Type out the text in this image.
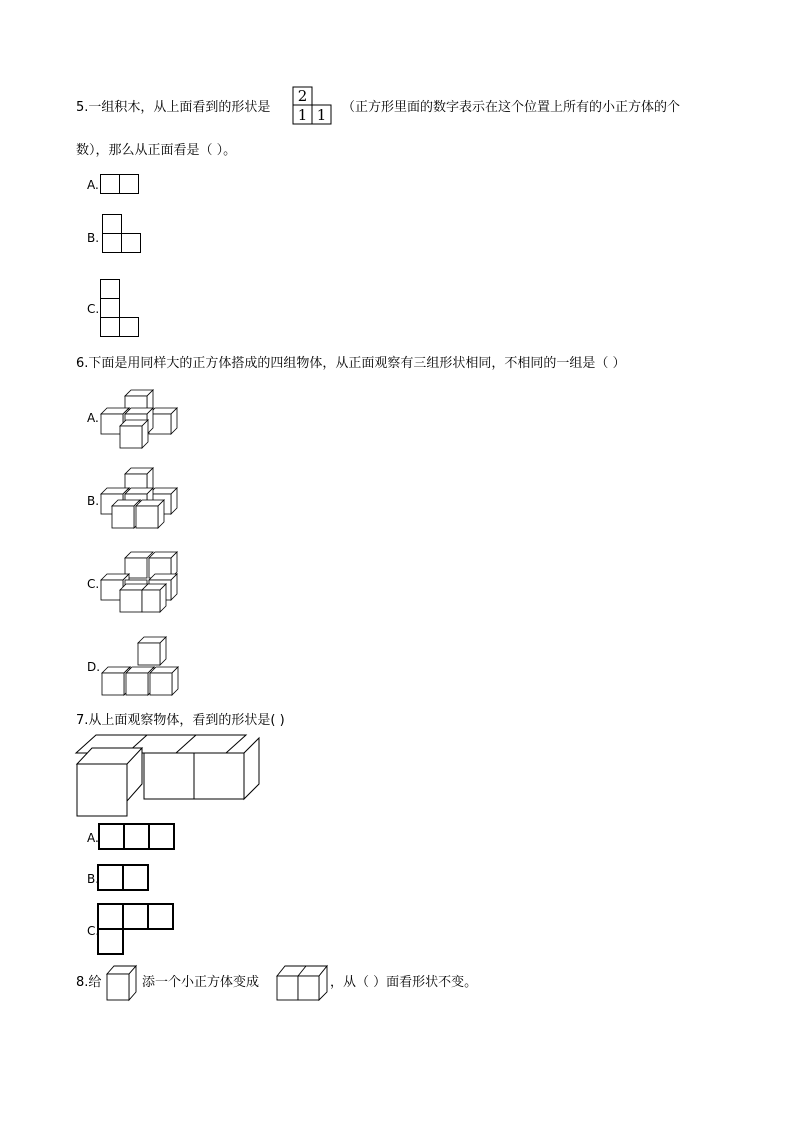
5.一组积木，从上面看到的形状是
2
1 1 （正方形里面的数字表示在这个位置上所有的小正方体的个
数），那么从正面看是（ ）。
A.
B.
C.
6.下面是用同样大的正方体搭成的四组物体，从正面观察有三组形状相同，不相同的一组是（ ）
A.
B.
C.
D.
7.从上面观察物体，看到的形状是( )
A.
B.
C.
8.给	添一个小正方体变成	，从（ ）面看形状不变。
